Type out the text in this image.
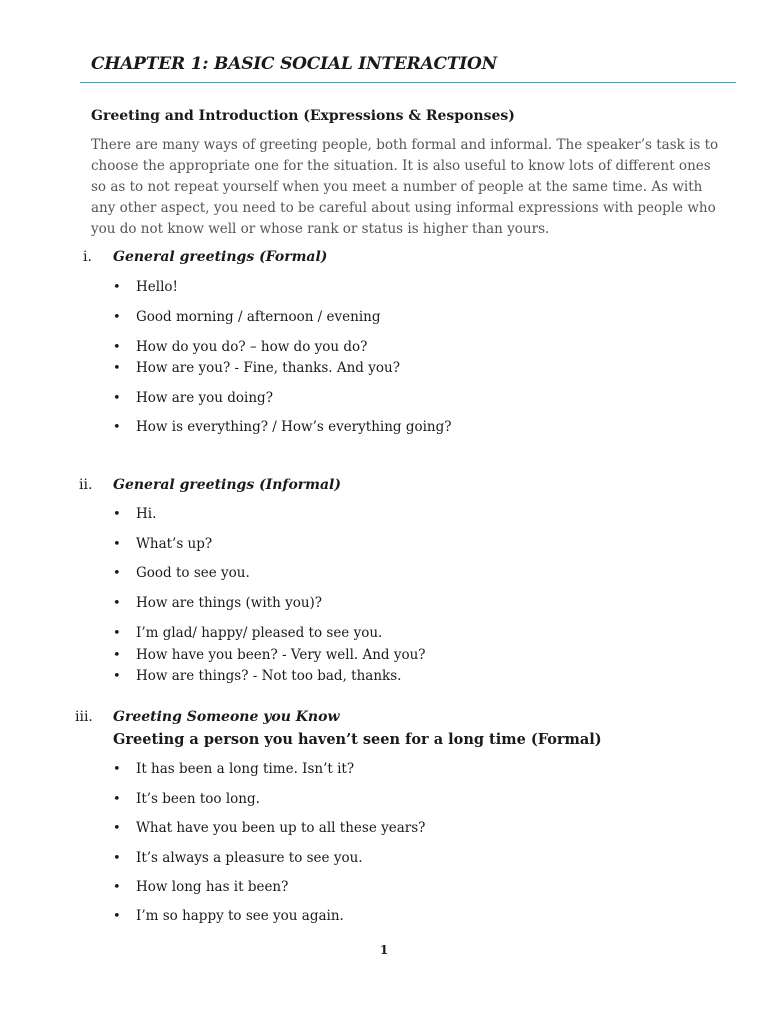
CHAPTER 1: BASIC SOCIAL INTERACTION
Greeting and Introduction (Expressions & Responses)
There are many ways of greeting people, both formal and informal. The speaker’s task is to
choose the appropriate one for the situation. It is also useful to know lots of different ones
so as to not repeat yourself when you meet a number of people at the same time. As with
any other aspect, you need to be careful about using informal expressions with people who
you do not know well or whose rank or status is higher than yours.
i. General greetings (Formal)
• Hello!
• Good morning / afternoon / evening
• How do you do? – how do you do?
• How are you? - Fine, thanks. And you?
• How are you doing?
• How is everything? / How’s everything going?
ii. General greetings (Informal)
• Hi.
• What’s up?
• Good to see you.
• How are things (with you)?
• I’m glad/ happy/ pleased to see you.
• How have you been? - Very well. And you?
• How are things? - Not too bad, thanks.
iii. Greeting Someone you Know
Greeting a person you haven’t seen for a long time (Formal)
• It has been a long time. Isn’t it?
• It’s been too long.
• What have you been up to all these years?
• It’s always a pleasure to see you.
• How long has it been?
• I’m so happy to see you again.
1
